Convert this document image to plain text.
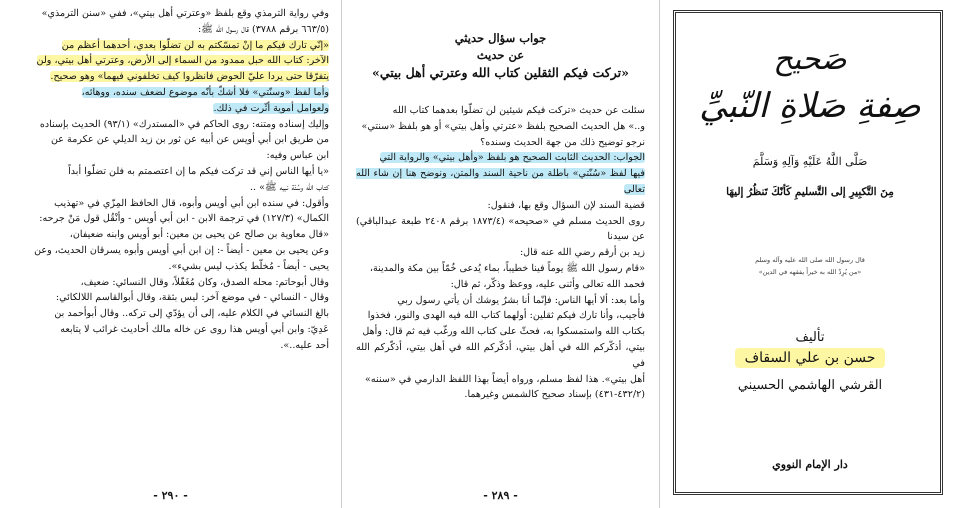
وفي رواية الترمذي وقع بلفظ «وعترتي أهل بيتي»، ففي «سنن الترمذي»

(٦٦٣/٥ برقم ٣٧٨٨) قال رسول الله ﷺ:

«إنّي تارك فيكم ما إنْ تمسّكتم به لن تضلّوا بعدي، أحدهما أعظم من

الآخر: كتاب الله حبل ممدود من السماء إلى الأرض، وعترتي أهل بيتي، ولن

يتفرّقا حتى يردا عليّ الحوض فانظروا كيف تخلفوني فيهما» وهو صحيح.

وأما لفظ «وسنّتي» فلا أشكّ بأنّه موضوع لضعف سنده، ووهائه،

ولعوامل أموية أثّرت في ذلك.

وإليك إسناده ومتنه: روى الحاكم في «المستدرك» (٩٣/١) الحديث بإسناده

من طريق ابن أبي أويس عن أبيه عن ثور بن زيد الديلي عن عكرمة عن

ابن عباس وفيه:

«يا أيها الناس إني قد تركت فيكم ما إن اعتصمتم به فلن تضلّوا أبداً

كتاب الله وسُنّة نبيه ﷺ» ..

وأقول: في سنده ابن أبي أويس وأبوه، قال الحافظ المِزّي في «تهذيب

الكمال» (١٢٧/٣) في ترجمة الابن - ابن أبي أويس - وأنْقُل قول مَنْ جرحه:

«قال معاوية بن صالح عن يحيى بن معين: أبو أويس وابنه ضعيفان،

وعن يحيى بن معين - أيضاً -: إن ابن أبي أويس وأبوه يسرقان الحديث، وعن

يحيى - أيضاً - مُخلّط يكذب ليس بشيء».

وقال أبوحاتم: محله الصدق، وكان مُغَفّلاً، وقال النسائي: ضعيف،

وقال - النسائي - في موضع آخر: ليس بثقة، وقال أبوالقاسم اللالكائي:

بالغ النسائي في الكلام عليه، إلى أن يؤدّي إلى تركه.. وقال أبوأحمد بن

عَدِيّ: وابن أبي أويس هذا روى عن خاله مالك أحاديث غرائب لا يتابعه

أحد عليه..».

- ٢٩٠ -

جواب سؤال حديثي

عن حديث

«تركت فيكم الثقلين كتاب الله وعترتي أهل بيتي»

سئلت عن حديث «تركت فيكم شيئين لن تضلّوا بعدهما كتاب الله

و..» هل الحديث الصحيح بلفظ «عترتي وأهل بيتي» أو هو بلفظ «سنتي»

نرجو توضيح ذلك من جهة الحديث وسنده؟

الجواب: الحديث الثابت الصحيح هو بلفظ «وأهل بيتي» والرواية التي

فيها لفظ «سُنّتي» باطلة من ناحية السند والمتن، ونوضح هنا إن شاء الله تعالى

قضية السند لإن السؤال وقع بها، فنقول:

روى الحديث مسلم في «صحيحه» (١٨٧٣/٤ برقم ٢٤٠٨ طبعة عبدالباقي) عن سيدنا

زيد بن أرقم رضي الله عنه قال:

«قام رسول الله ﷺ يوماً فينا خطيباً، بماء يُدعى خُمّاً بين مكة والمدينة،

فحمد الله تعالى وأثنى عليه، ووعظ وذكّر، ثم قال:

وأما بعد: ألا أيها الناس: فإنّما أنا بشرٌ يوشك أن يأتي رسول ربي

فأجيب، وأنا تارك فيكم ثقلين: أولهما كتاب الله فيه الهدى والنور، فخذوا

بكتاب الله واستمسكوا به، فحثّ على كتاب الله ورغّب فيه ثم قال: وأهل

بيتي، أذكّركم الله في أهل بيتي، أذكّركم الله في أهل بيتي، أذكّركم الله في

أهل بيتي». هذا لفظ مسلم، ورواه أيضاً بهذا اللفظ الدارمي في «سننه»

(٤٣٢/٢-٤٣١) بإسناد صحيح كالشمس وغيرهما.

- ٢٨٩ -
صَحيح
صِفةِ صَلاةِ النّبيِّ
صَلَّى اللَّهُ عَلَيْهِ وَآلِهِ وَسَلَّمَ
مِنَ التَّكبِيرِ إلى التَّسليمِ كَأنّكَ تَنظُرُ إليهَا
قال رسول الله صلى الله عليه وآله وسلم
«من يُرِدْ الله به خيراً يفقهه في الدين»
تأليف
حسن بن علي السقاف
القرشي الهاشمي الحسيني
دار الإمام النووي
